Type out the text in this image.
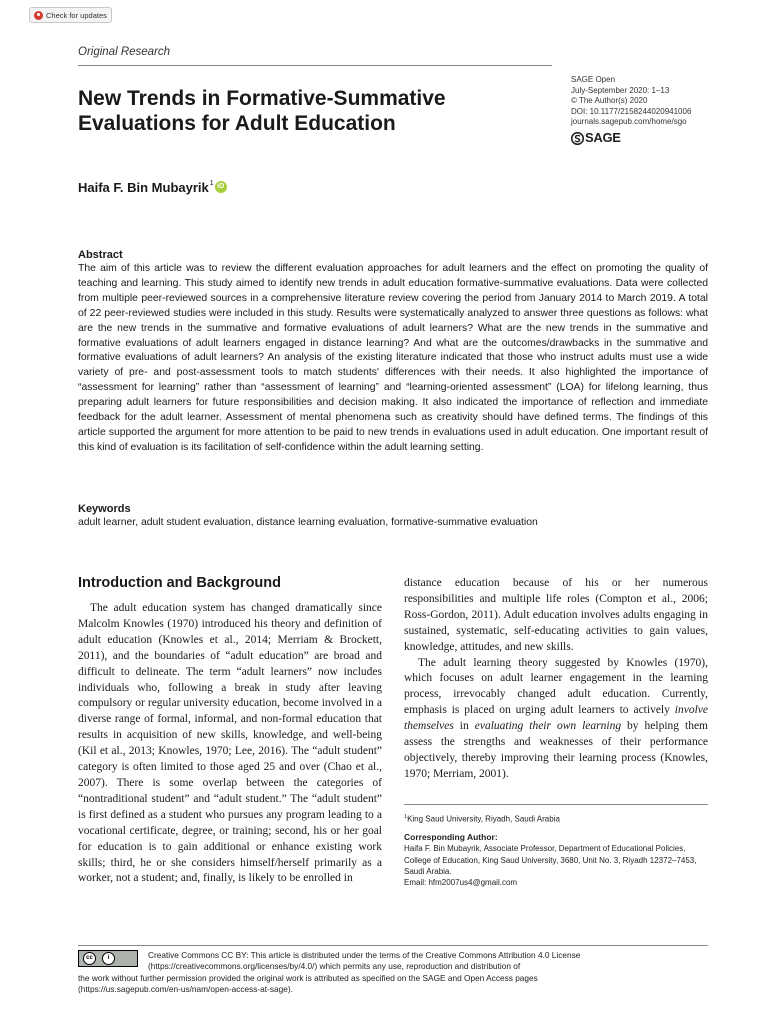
Check for updates
Original Research
SAGE Open
July-September 2020: 1–13
© The Author(s) 2020
DOI: 10.1177/2158244020941006
journals.sagepub.com/home/sgo
SAGE
New Trends in Formative-Summative Evaluations for Adult Education
Haifa F. Bin Mubayrik$^1$ iD
Abstract

The aim of this article was to review the different evaluation approaches for adult learners and the effect on promoting the quality of teaching and learning. This study aimed to identify new trends in adult education formative-summative evaluations. Data were collected from multiple peer-reviewed sources in a comprehensive literature review covering the period from January 2014 to March 2019. A total of 22 peer-reviewed studies were included in this study. Results were systematically analyzed to answer three questions as follows: what are the new trends in the summative and formative evaluations of adult learners? What are the new trends in the summative and formative evaluations of adult learners engaged in distance learning? And what are the outcomes/drawbacks in the summative and formative evaluations of adult learners? An analysis of the existing literature indicated that those who instruct adults must use a wide variety of pre- and post-assessment tools to match students' differences with their needs. It also highlighted the importance of “assessment for learning” rather than “assessment of learning” and “learning-oriented assessment” (LOA) for lifelong learning, thus preparing adult learners for future responsibilities and decision making. It also indicated the importance of reflection and immediate feedback for the adult learner. Assessment of mental phenomena such as creativity should have defined terms. The findings of this article supported the argument for more attention to be paid to new trends in evaluations used in adult education. One important result of this kind of evaluation is its facilitation of self-confidence within the adult learning setting.

Keywords

adult learner, adult student evaluation, distance learning evaluation, formative-summative evaluation

Introduction and Background

The adult education system has changed dramatically since Malcolm Knowles (1970) introduced his theory and definition of adult education (Knowles et al., 2014; Merriam & Brockett, 2011), and the boundaries of “adult education” are broad and difficult to delineate. The term “adult learners” now includes individuals who, following a break in study after leaving compulsory or regular university education, become involved in a diverse range of formal, informal, and non-formal education that results in acquisition of new skills, knowledge, and well-being (Kil et al., 2013; Knowles, 1970; Lee, 2016). The “adult student” category is often limited to those aged 25 and over (Chao et al., 2007). There is some overlap between the categories of “nontraditional student” and “adult student.” The “adult student” is first defined as a student who pursues any program leading to a vocational certificate, degree, or training; second, his or her goal for education is to gain additional or enhance existing work skills; third, he or she considers himself/herself primarily as a worker, not a student; and, finally, is likely to be enrolled in

distance education because of his or her numerous responsibilities and multiple life roles (Compton et al., 2006; Ross-Gordon, 2011). Adult education involves adults engaging in sustained, systematic, self-educating activities to gain values, knowledge, attitudes, and new skills.

The adult learning theory suggested by Knowles (1970), which focuses on adult learner engagement in the learning process, irrevocably changed adult education. Currently, emphasis is placed on urging adult learners to actively involve themselves in evaluating their own learning by helping them assess the strengths and weaknesses of their performance objectively, thereby improving their learning process (Knowles, 1970; Merriam, 2001).

$^1$King Saud University, Riyadh, Saudi Arabia

Corresponding Author:

Haifa F. Bin Mubayrik, Associate Professor, Department of Educational Policies, College of Education, King Saud University, 3680, Unit No. 3, Riyadh 12372–7453, Saudi Arabia.

Email: hfm2007us4@gmail.com

cc	i	Creative Commons CC BY: This article is distributed under the terms of the Creative Commons Attribution 4.0 License
(https://creativecommons.org/licenses/by/4.0/) which permits any use, reproduction and distribution of
the work without further permission provided the original work is attributed as specified on the SAGE and Open Access pages
(https://us.sagepub.com/en-us/nam/open-access-at-sage).
